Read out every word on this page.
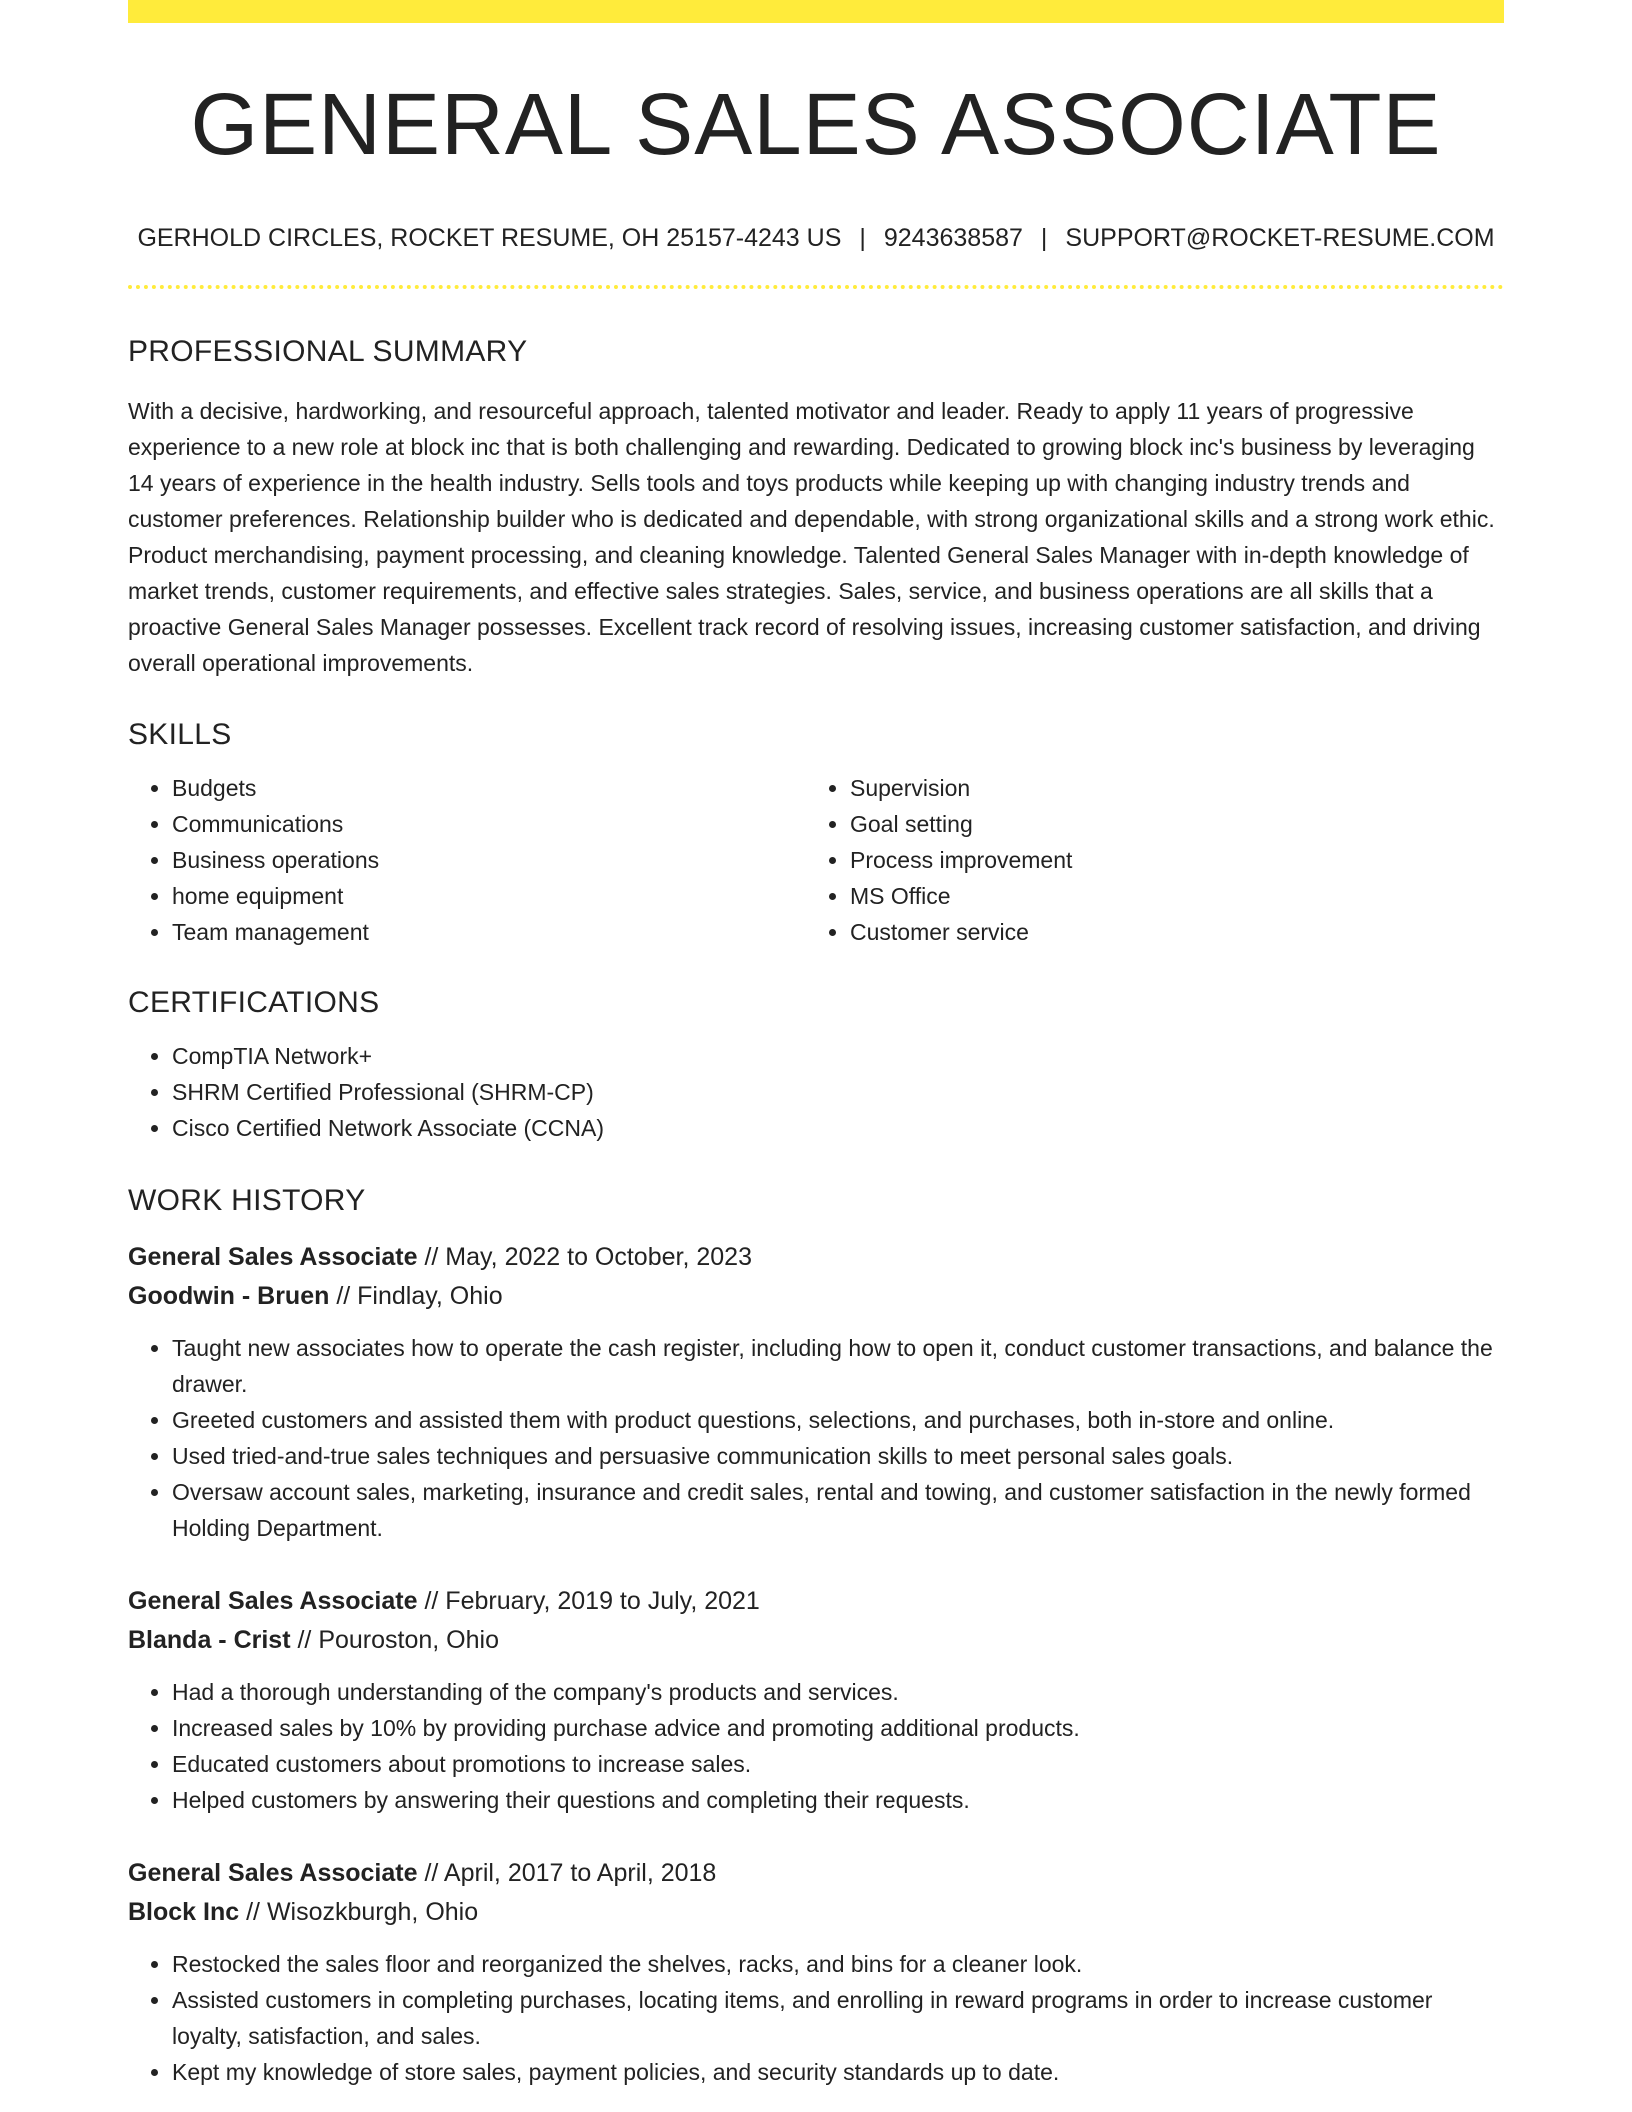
GENERAL SALES ASSOCIATE
GERHOLD CIRCLES, ROCKET RESUME, OH 25157-4243 US | 9243638587 | SUPPORT@ROCKET-RESUME.COM
PROFESSIONAL SUMMARY

With a decisive, hardworking, and resourceful approach, talented motivator and leader. Ready to apply 11 years of progressive experience to a new role at block inc that is both challenging and rewarding. Dedicated to growing block inc's business by leveraging 14 years of experience in the health industry. Sells tools and toys products while keeping up with changing industry trends and customer preferences. Relationship builder who is dedicated and dependable, with strong organizational skills and a strong work ethic. Product merchandising, payment processing, and cleaning knowledge. Talented General Sales Manager with in-depth knowledge of market trends, customer requirements, and effective sales strategies. Sales, service, and business operations are all skills that a proactive General Sales Manager possesses. Excellent track record of resolving issues, increasing customer satisfaction, and driving overall operational improvements.

SKILLS
• Budgets
• Communications
• Business operations
• home equipment
• Team management
• Supervision
• Goal setting
• Process improvement
• MS Office
• Customer service
CERTIFICATIONS
• CompTIA Network+
• SHRM Certified Professional (SHRM-CP)
• Cisco Certified Network Associate (CCNA)
WORK HISTORY
General Sales Associate // May, 2022 to October, 2023
Goodwin - Bruen // Findlay, Ohio
• Taught new associates how to operate the cash register, including how to open it, conduct customer transactions, and balance the drawer.
• Greeted customers and assisted them with product questions, selections, and purchases, both in-store and online.
• Used tried-and-true sales techniques and persuasive communication skills to meet personal sales goals.
• Oversaw account sales, marketing, insurance and credit sales, rental and towing, and customer satisfaction in the newly formed Holding Department.
General Sales Associate // February, 2019 to July, 2021
Blanda - Crist // Pouroston, Ohio
• Had a thorough understanding of the company's products and services.
• Increased sales by 10% by providing purchase advice and promoting additional products.
• Educated customers about promotions to increase sales.
• Helped customers by answering their questions and completing their requests.
General Sales Associate // April, 2017 to April, 2018
Block Inc // Wisozkburgh, Ohio
• Restocked the sales floor and reorganized the shelves, racks, and bins for a cleaner look.
• Assisted customers in completing purchases, locating items, and enrolling in reward programs in order to increase customer loyalty, satisfaction, and sales.
• Kept my knowledge of store sales, payment policies, and security standards up to date.
